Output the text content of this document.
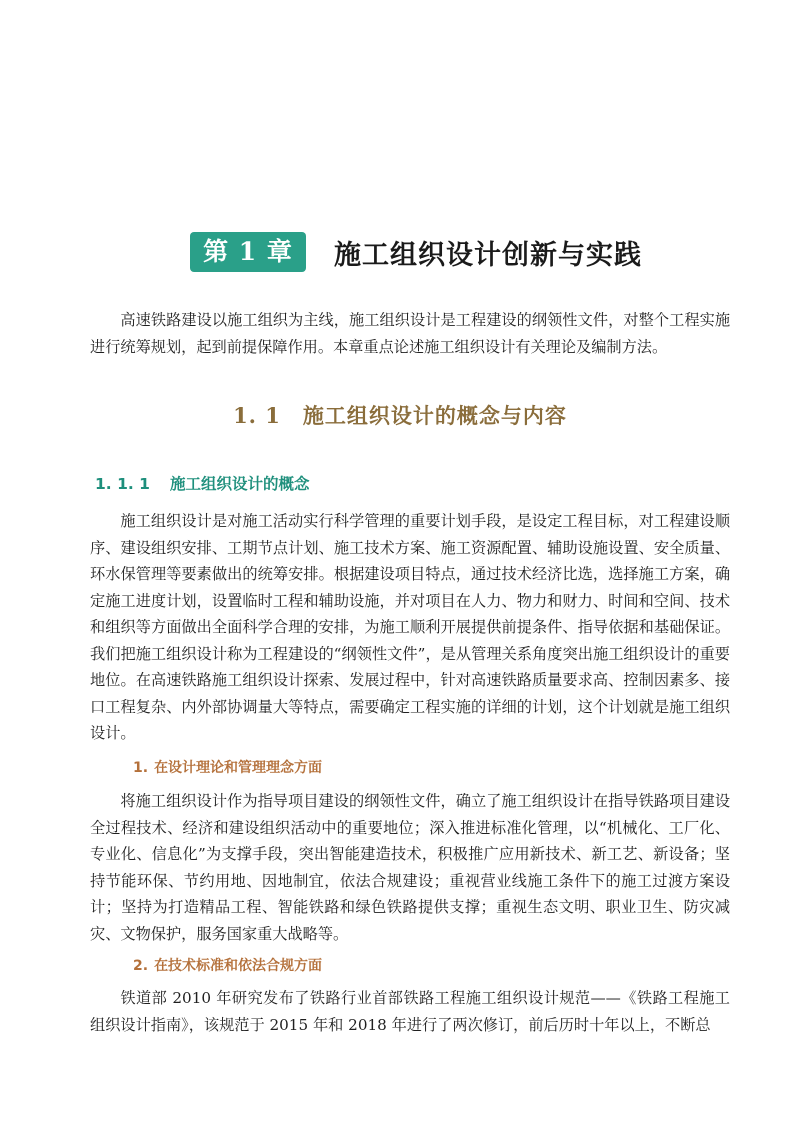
第 1 章	施工组织设计创新与实践

高速铁路建设以施工组织为主线，施工组织设计是工程建设的纲领性文件，对整个工程实施进行统筹规划，起到前提保障作用。本章重点论述施工组织设计有关理论及编制方法。

1. 1 施工组织设计的概念与内容
1. 1. 1 施工组织设计的概念

施工组织设计是对施工活动实行科学管理的重要计划手段，是设定工程目标，对工程建设顺序、建设组织安排、工期节点计划、施工技术方案、施工资源配置、辅助设施设置、安全质量、环水保管理等要素做出的统筹安排。根据建设项目特点，通过技术经济比选，选择施工方案，确定施工进度计划，设置临时工程和辅助设施，并对项目在人力、物力和财力、时间和空间、技术和组织等方面做出全面科学合理的安排，为施工顺利开展提供前提条件、指导依据和基础保证。我们把施工组织设计称为工程建设的“纲领性文件”，是从管理关系角度突出施工组织设计的重要地位。在高速铁路施工组织设计探索、发展过程中，针对高速铁路质量要求高、控制因素多、接口工程复杂、内外部协调量大等特点，需要确定工程实施的详细的计划，这个计划就是施工组织设计。

1. 在设计理论和管理理念方面

将施工组织设计作为指导项目建设的纲领性文件，确立了施工组织设计在指导铁路项目建设全过程技术、经济和建设组织活动中的重要地位；深入推进标准化管理，以“机械化、工厂化、专业化、信息化”为支撑手段，突出智能建造技术，积极推广应用新技术、新工艺、新设备；坚持节能环保、节约用地、因地制宜，依法合规建设；重视营业线施工条件下的施工过渡方案设计；坚持为打造精品工程、智能铁路和绿色铁路提供支撑；重视生态文明、职业卫生、防灾减灾、文物保护，服务国家重大战略等。

2. 在技术标准和依法合规方面

铁道部 2010 年研究发布了铁路行业首部铁路工程施工组织设计规范——《铁路工程施工组织设计指南》，该规范于 2015 年和 2018 年进行了两次修订，前后历时十年以上，不断总
